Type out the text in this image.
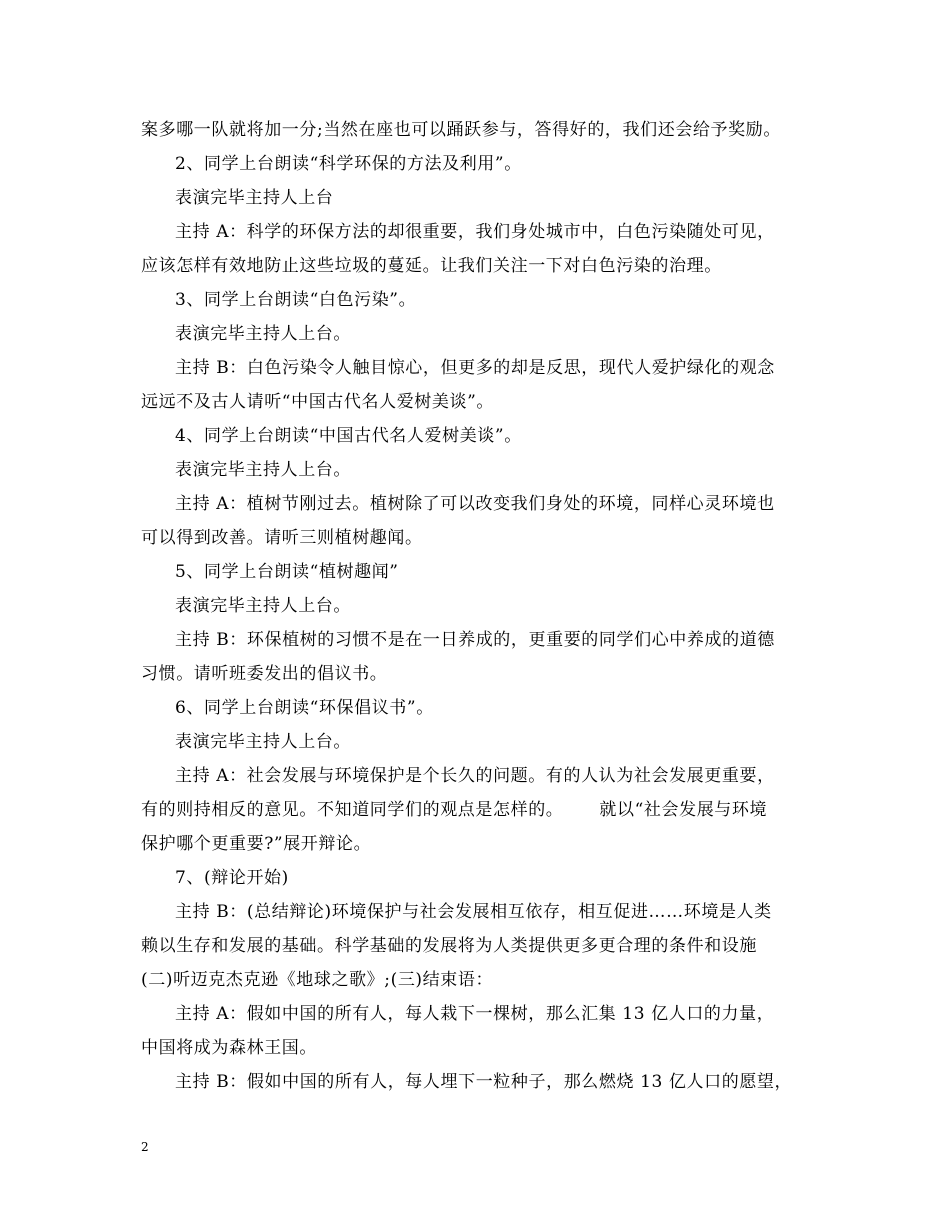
案多哪一队就将加一分;当然在座也可以踊跃参与，答得好的，我们还会给予奖励。
2、同学上台朗读“科学环保的方法及利用”。
表演完毕主持人上台
主持 A：科学的环保方法的却很重要，我们身处城市中，白色污染随处可见，
应该怎样有效地防止这些垃圾的蔓延。让我们关注一下对白色污染的治理。
3、同学上台朗读“白色污染”。
表演完毕主持人上台。
主持 B：白色污染令人触目惊心，但更多的却是反思，现代人爱护绿化的观念
远远不及古人请听“中国古代名人爱树美谈”。
4、同学上台朗读“中国古代名人爱树美谈”。
表演完毕主持人上台。
主持 A：植树节刚过去。植树除了可以改变我们身处的环境，同样心灵环境也
可以得到改善。请听三则植树趣闻。
5、同学上台朗读“植树趣闻”
表演完毕主持人上台。
主持 B：环保植树的习惯不是在一日养成的，更重要的同学们心中养成的道德
习惯。请听班委发出的倡议书。
6、同学上台朗读“环保倡议书”。
表演完毕主持人上台。
主持 A：社会发展与环境保护是个长久的问题。有的人认为社会发展更重要，
有的则持相反的意见。不知道同学们的观点是怎样的。      就以“社会发展与环境
保护哪个更重要?”展开辩论。
7、(辩论开始)
主持 B：(总结辩论)环境保护与社会发展相互依存，相互促进……环境是人类
赖以生存和发展的基础。科学基础的发展将为人类提供更多更合理的条件和设施
(二)听迈克杰克逊《地球之歌》;(三)结束语：
主持 A：假如中国的所有人，每人栽下一棵树，那么汇集 13 亿人口的力量，
中国将成为森林王国。
主持 B：假如中国的所有人，每人埋下一粒种子，那么燃烧 13 亿人口的愿望，
2
